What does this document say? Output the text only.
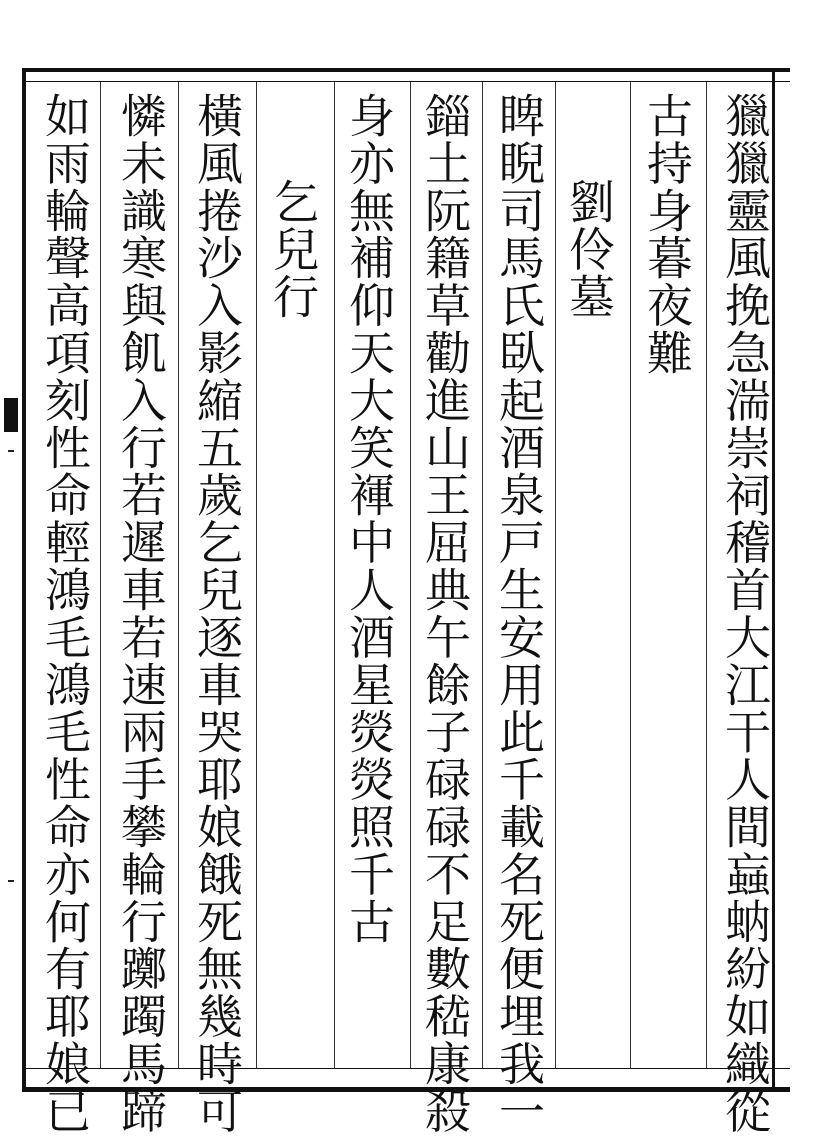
獵獵靈風挽急湍崇祠稽首大江干人間蝱蚋紛如織從
古持身暮夜難
劉伶墓
睥睨司馬氏臥起酒泉戸生安用此千載名死便埋我一
錙土阮籍草勸進山王屈典午餘子碌碌不足數嵇康殺
身亦無補仰天大笑褌中人酒星熒熒照千古
乞兒行
橫風捲沙入影縮五歲乞兒逐車哭耶娘餓死無幾時可
憐未識寒與飢入行若遲車若速兩手攀輪行躑躅馬蹄
如雨輪聲高項刻性命輕鴻毛鴻毛性命亦何有耶娘已
